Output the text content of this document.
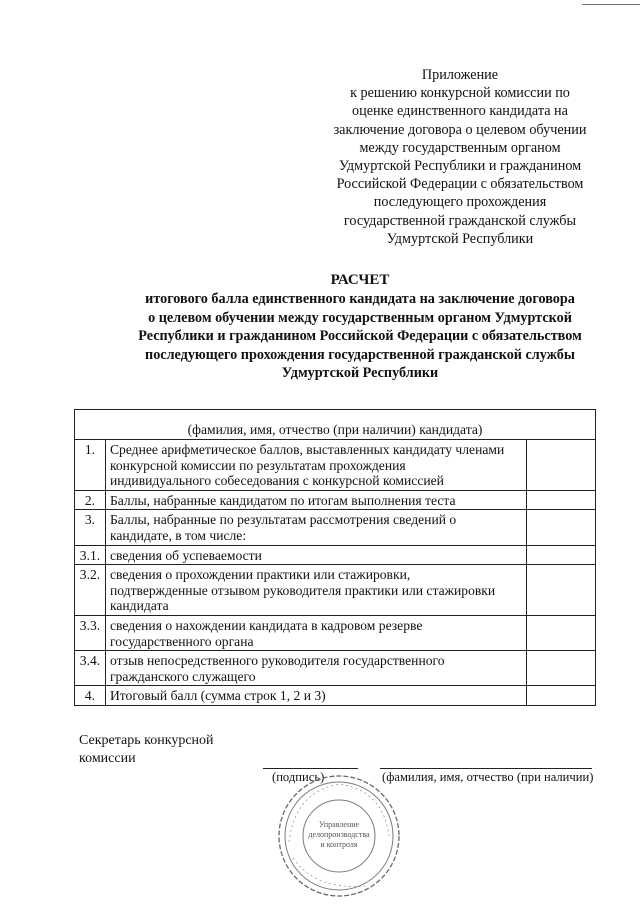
Приложение
к решению конкурсной комиссии по
оценке единственного кандидата на
заключение договора о целевом обучении
между государственным органом
Удмуртской Республики и гражданином
Российской Федерации с обязательством
последующего прохождения
государственной гражданской службы
Удмуртской Республики
РАСЧЕТ
итогового балла единственного кандидата на заключение договора
о целевом обучении между государственным органом Удмуртской
Республики и гражданином Российской Федерации с обязательством
последующего прохождения государственной гражданской службы
Удмуртской Республики
(фамилия, имя, отчество (при наличии) кандидата)		
1.	Среднее арифметическое баллов, выставленных кандидату членами
конкурсной комиссии по результатам прохождения
индивидуального собеседования с конкурсной комиссией	

2.	Баллы, набранные кандидатом по итогам выполнения теста	

3.	Баллы, набранные по результатам рассмотрения сведений о
кандидате, в том числе:	

3.1.	сведения об успеваемости	

3.2.	сведения о прохождении практики или стажировки,
подтвержденные отзывом руководителя практики или стажировки
кандидата	

3.3.	сведения о нахождении кандидата в кадровом резерве
государственного органа	

3.4.	отзыв непосредственного руководителя государственного
гражданского служащего	

4.	Итоговый балл (сумма строк 1, 2 и 3)	

Секретарь конкурсной
комиссии
(подпись)	(фамилия, имя, отчество (при наличии)
Управление
делопроизводства
и контроля
